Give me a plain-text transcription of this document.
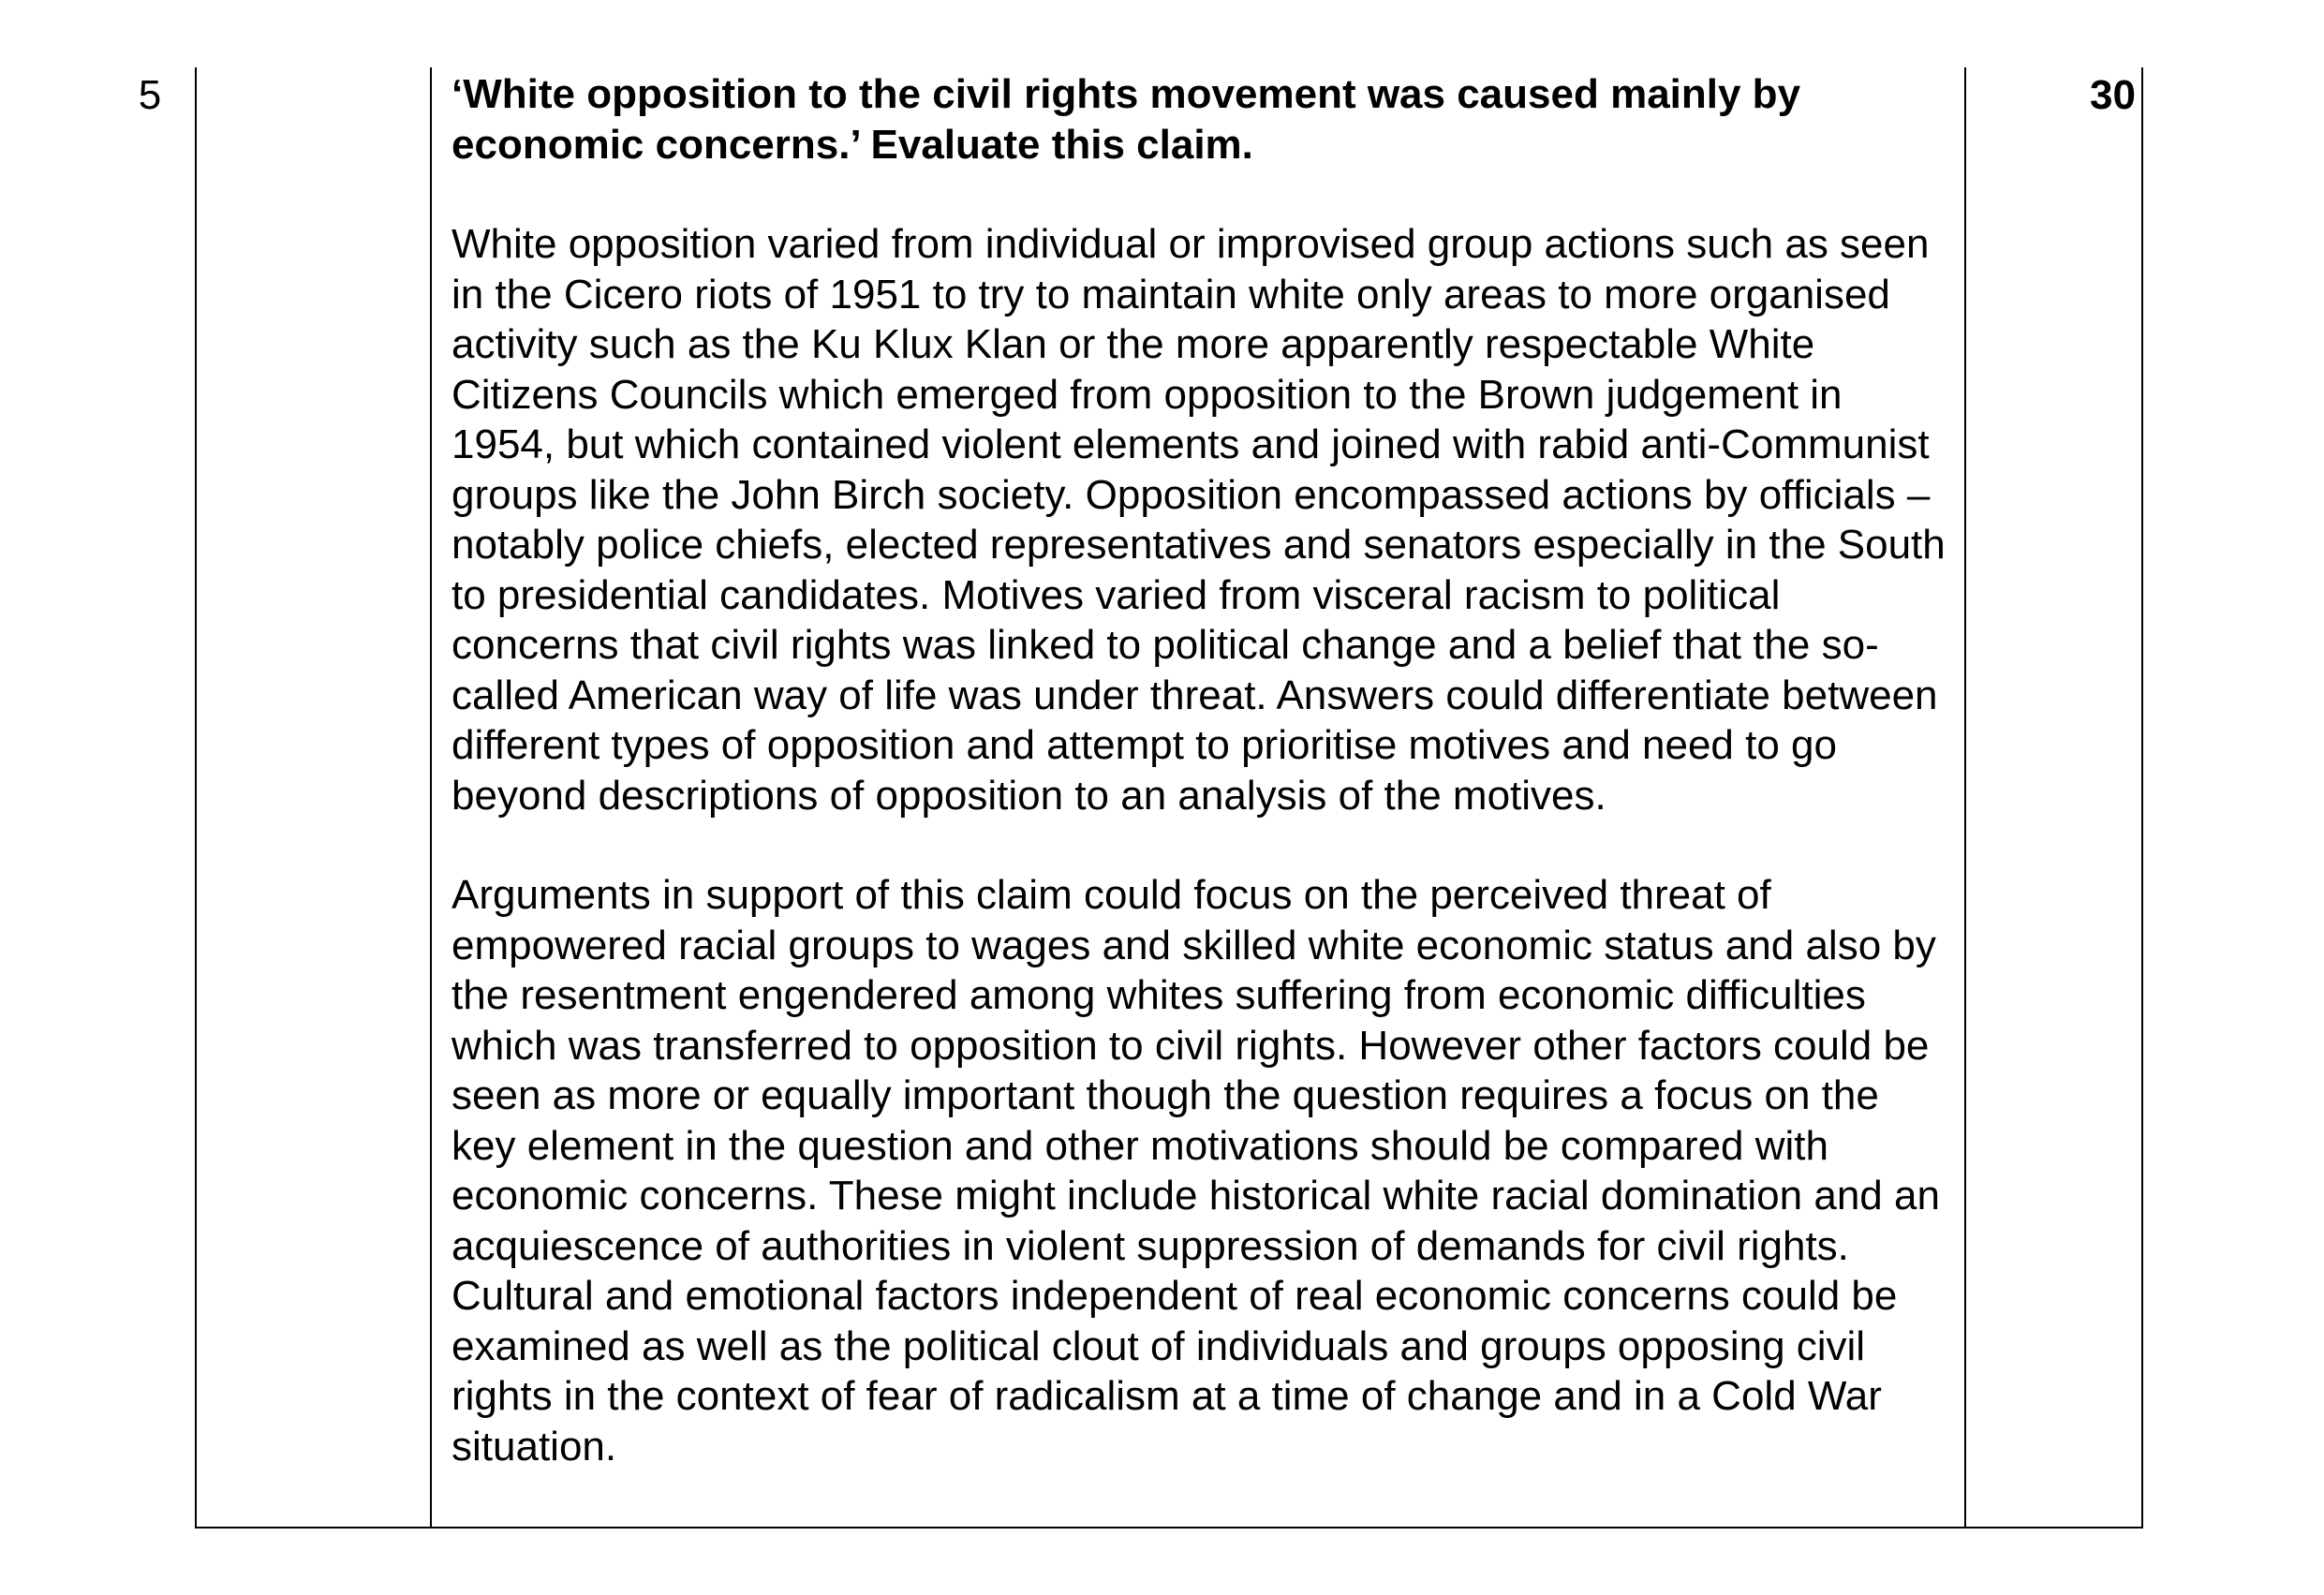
5	‘White opposition to the civil rights movement was caused mainly by economic concerns.’ Evaluate this claim.

White opposition varied from individual or improvised group actions such as seen in the Cicero riots of 1951 to try to maintain white only areas to more organised activity such as the Ku Klux Klan or the more apparently respectable White Citizens Councils which emerged from opposition to the Brown judgement in 1954, but which contained violent elements and joined with rabid anti-Communist groups like the John Birch society. Opposition encompassed actions by officials – notably police chiefs, elected representatives and senators especially in the South to presidential candidates. Motives varied from visceral racism to political concerns that civil rights was linked to political change and a belief that the so-called American way of life was under threat. Answers could differentiate between different types of opposition and attempt to prioritise motives and need to go beyond descriptions of opposition to an analysis of the motives.

Arguments in support of this claim could focus on the perceived threat of empowered racial groups to wages and skilled white economic status and also by the resentment engendered among whites suffering from economic difficulties which was transferred to opposition to civil rights. However other factors could be seen as more or equally important though the question requires a focus on the key element in the question and other motivations should be compared with economic concerns. These might include historical white racial domination and an acquiescence of authorities in violent suppression of demands for civil rights. Cultural and emotional factors independent of real economic concerns could be examined as well as the political clout of individuals and groups opposing civil rights in the context of fear of radicalism at a time of change and in a Cold War situation.

30
